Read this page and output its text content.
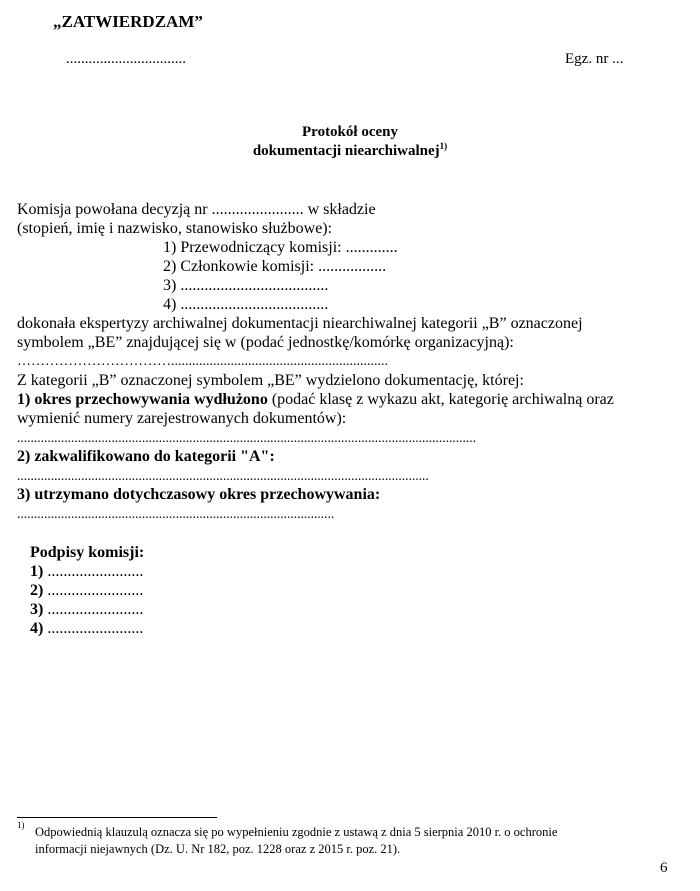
„ZATWIERDZAM”
................................	Egz. nr ...
Protokół oceny
dokumentacji niearchiwalnej$^{1)}$
Komisja powołana decyzją nr ....................... w składzie
(stopień, imię i nazwisko, stanowisko służbowe):
1) Przewodniczący komisji: .............
2) Członkowie komisji: .................
3) .....................................
4) .....................................
dokonała ekspertyzy archiwalnej dokumentacji niearchiwalnej kategorii „B” oznaczonej
symbolem „BE” znajdującej się w (podać jednostkę/komórkę organizacyjną):
……………………………..............................................................
Z kategorii „B” oznaczonej symbolem „BE” wydzielono dokumentację, której:
1) okres przechowywania wydłużono (podać klasę z wykazu akt, kategorię archiwalną oraz
wymienić numery zarejestrowanych dokumentów):
........................................................................................................................................
2) zakwalifikowano do kategorii "A":
..........................................................................................................................
3) utrzymano dotychczasowy okres przechowywania:
..............................................................................................
Podpisy komisji:
1) ........................
2) ........................
3) ........................
4) ........................
$^{1)}$
Odpowiednią klauzulą oznacza się po wypełnieniu zgodnie z ustawą z dnia 5 sierpnia 2010 r. o ochronie
informacji niejawnych (Dz. U. Nr 182, poz. 1228 oraz z 2015 r. poz. 21).
6
